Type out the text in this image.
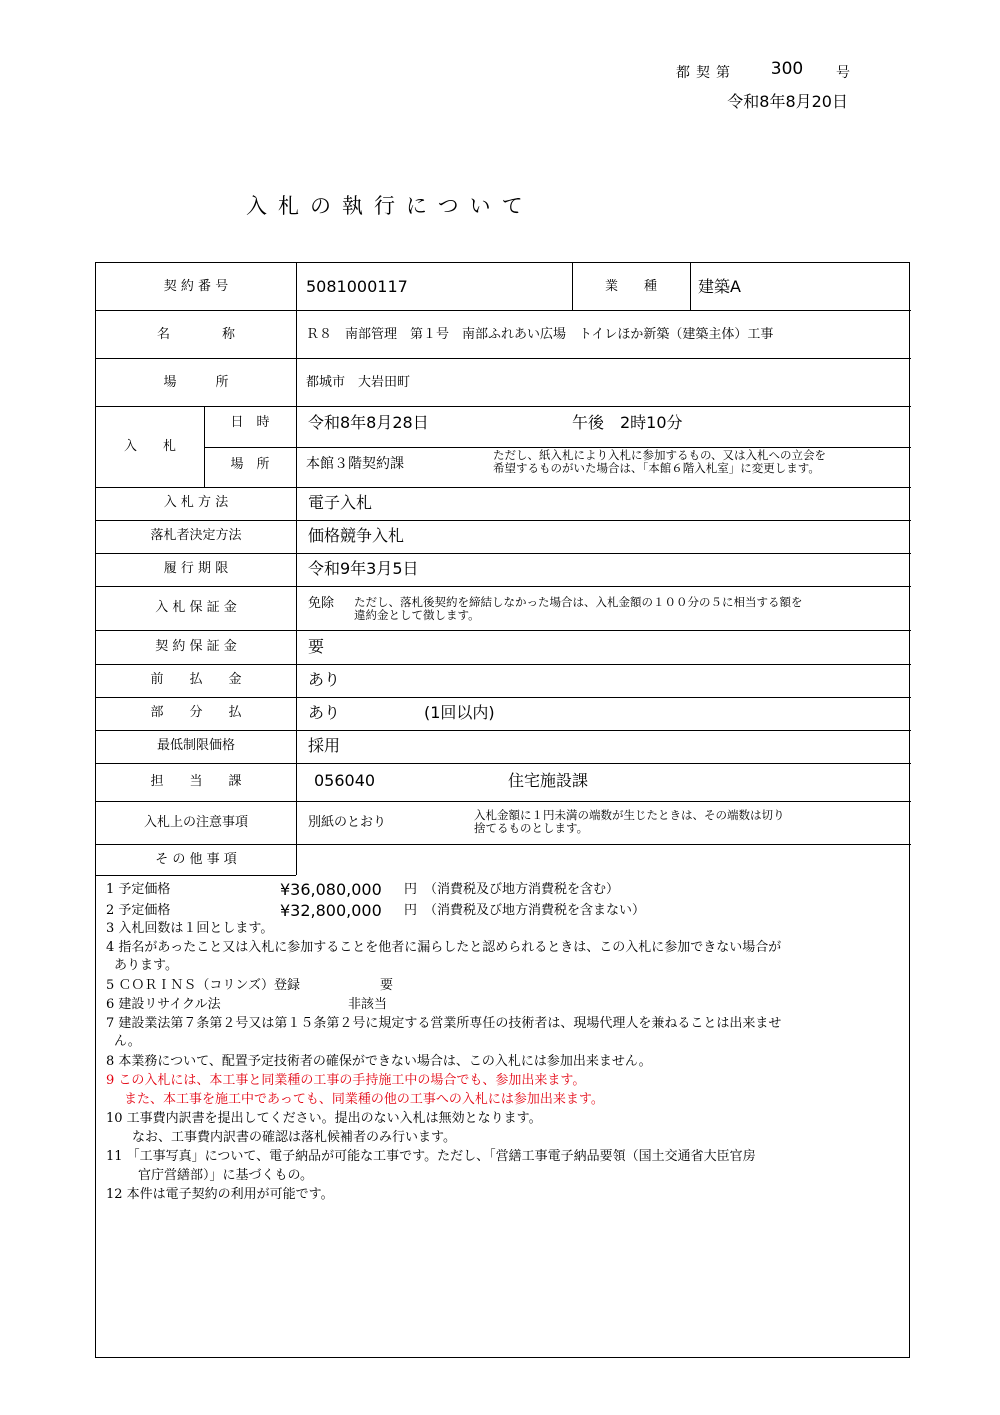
都契第 300 号
令和8年8月20日
入札の執行について
契 約 番 号	5081000117	業　　種	建築A
名　　　　称	Ｒ８　南部管理　第１号　南部ふれあい広場　トイレほか新築（建築主体）工事
場　　　所	都城市　大岩田町
入　　札
日　時	令和8年8月28日	午後　2時10分
場　所	本館３階契約課
ただし、紙入札により入札に参加するもの、又は入札への立会を
希望するものがいた場合は、「本館６階入札室」に変更します。
入 札 方 法	電子入札
落札者決定方法	価格競争入札
履 行 期 限	令和9年3月5日
入 札 保 証 金	免除 ただし、落札後契約を締結しなかった場合は、入札金額の１００分の５に相当する額を
違約金として徴します。
契 約 保 証 金	要
前　　払　　金	あり
部　　分　　払	あり	(1回以内)
最低制限価格	採用
担　　当　　課	056040	住宅施設課
入札上の注意事項	別紙のとおり	入札金額に１円未満の端数が生じたときは、その端数は切り
捨てるものとします。
そ の 他 事 項
1 予定価格	¥36,080,000 円 （消費税及び地方消費税を含む）
2 予定価格	¥32,800,000 円 （消費税及び地方消費税を含まない）
3 入札回数は１回とします。
4 指名があったこと又は入札に参加することを他者に漏らしたと認められるときは、この入札に参加できない場合が
あります。
5 ＣＯＲＩＮＳ（コリンズ）登録	要
6 建設リサイクル法	非該当
7 建設業法第７条第２号又は第１５条第２号に規定する営業所専任の技術者は、現場代理人を兼ねることは出来ませ
ん。
8 本業務について、配置予定技術者の確保ができない場合は、この入札には参加出来ません。
9 この入札には、本工事と同業種の工事の手持施工中の場合でも、参加出来ます。
また、本工事を施工中であっても、同業種の他の工事への入札には参加出来ます。
10 工事費内訳書を提出してください。提出のない入札は無効となります。
なお、工事費内訳書の確認は落札候補者のみ行います。
11 「工事写真」について、電子納品が可能な工事です。ただし、「営繕工事電子納品要領（国土交通省大臣官房
官庁営繕部）」に基づくもの。
12 本件は電子契約の利用が可能です。
